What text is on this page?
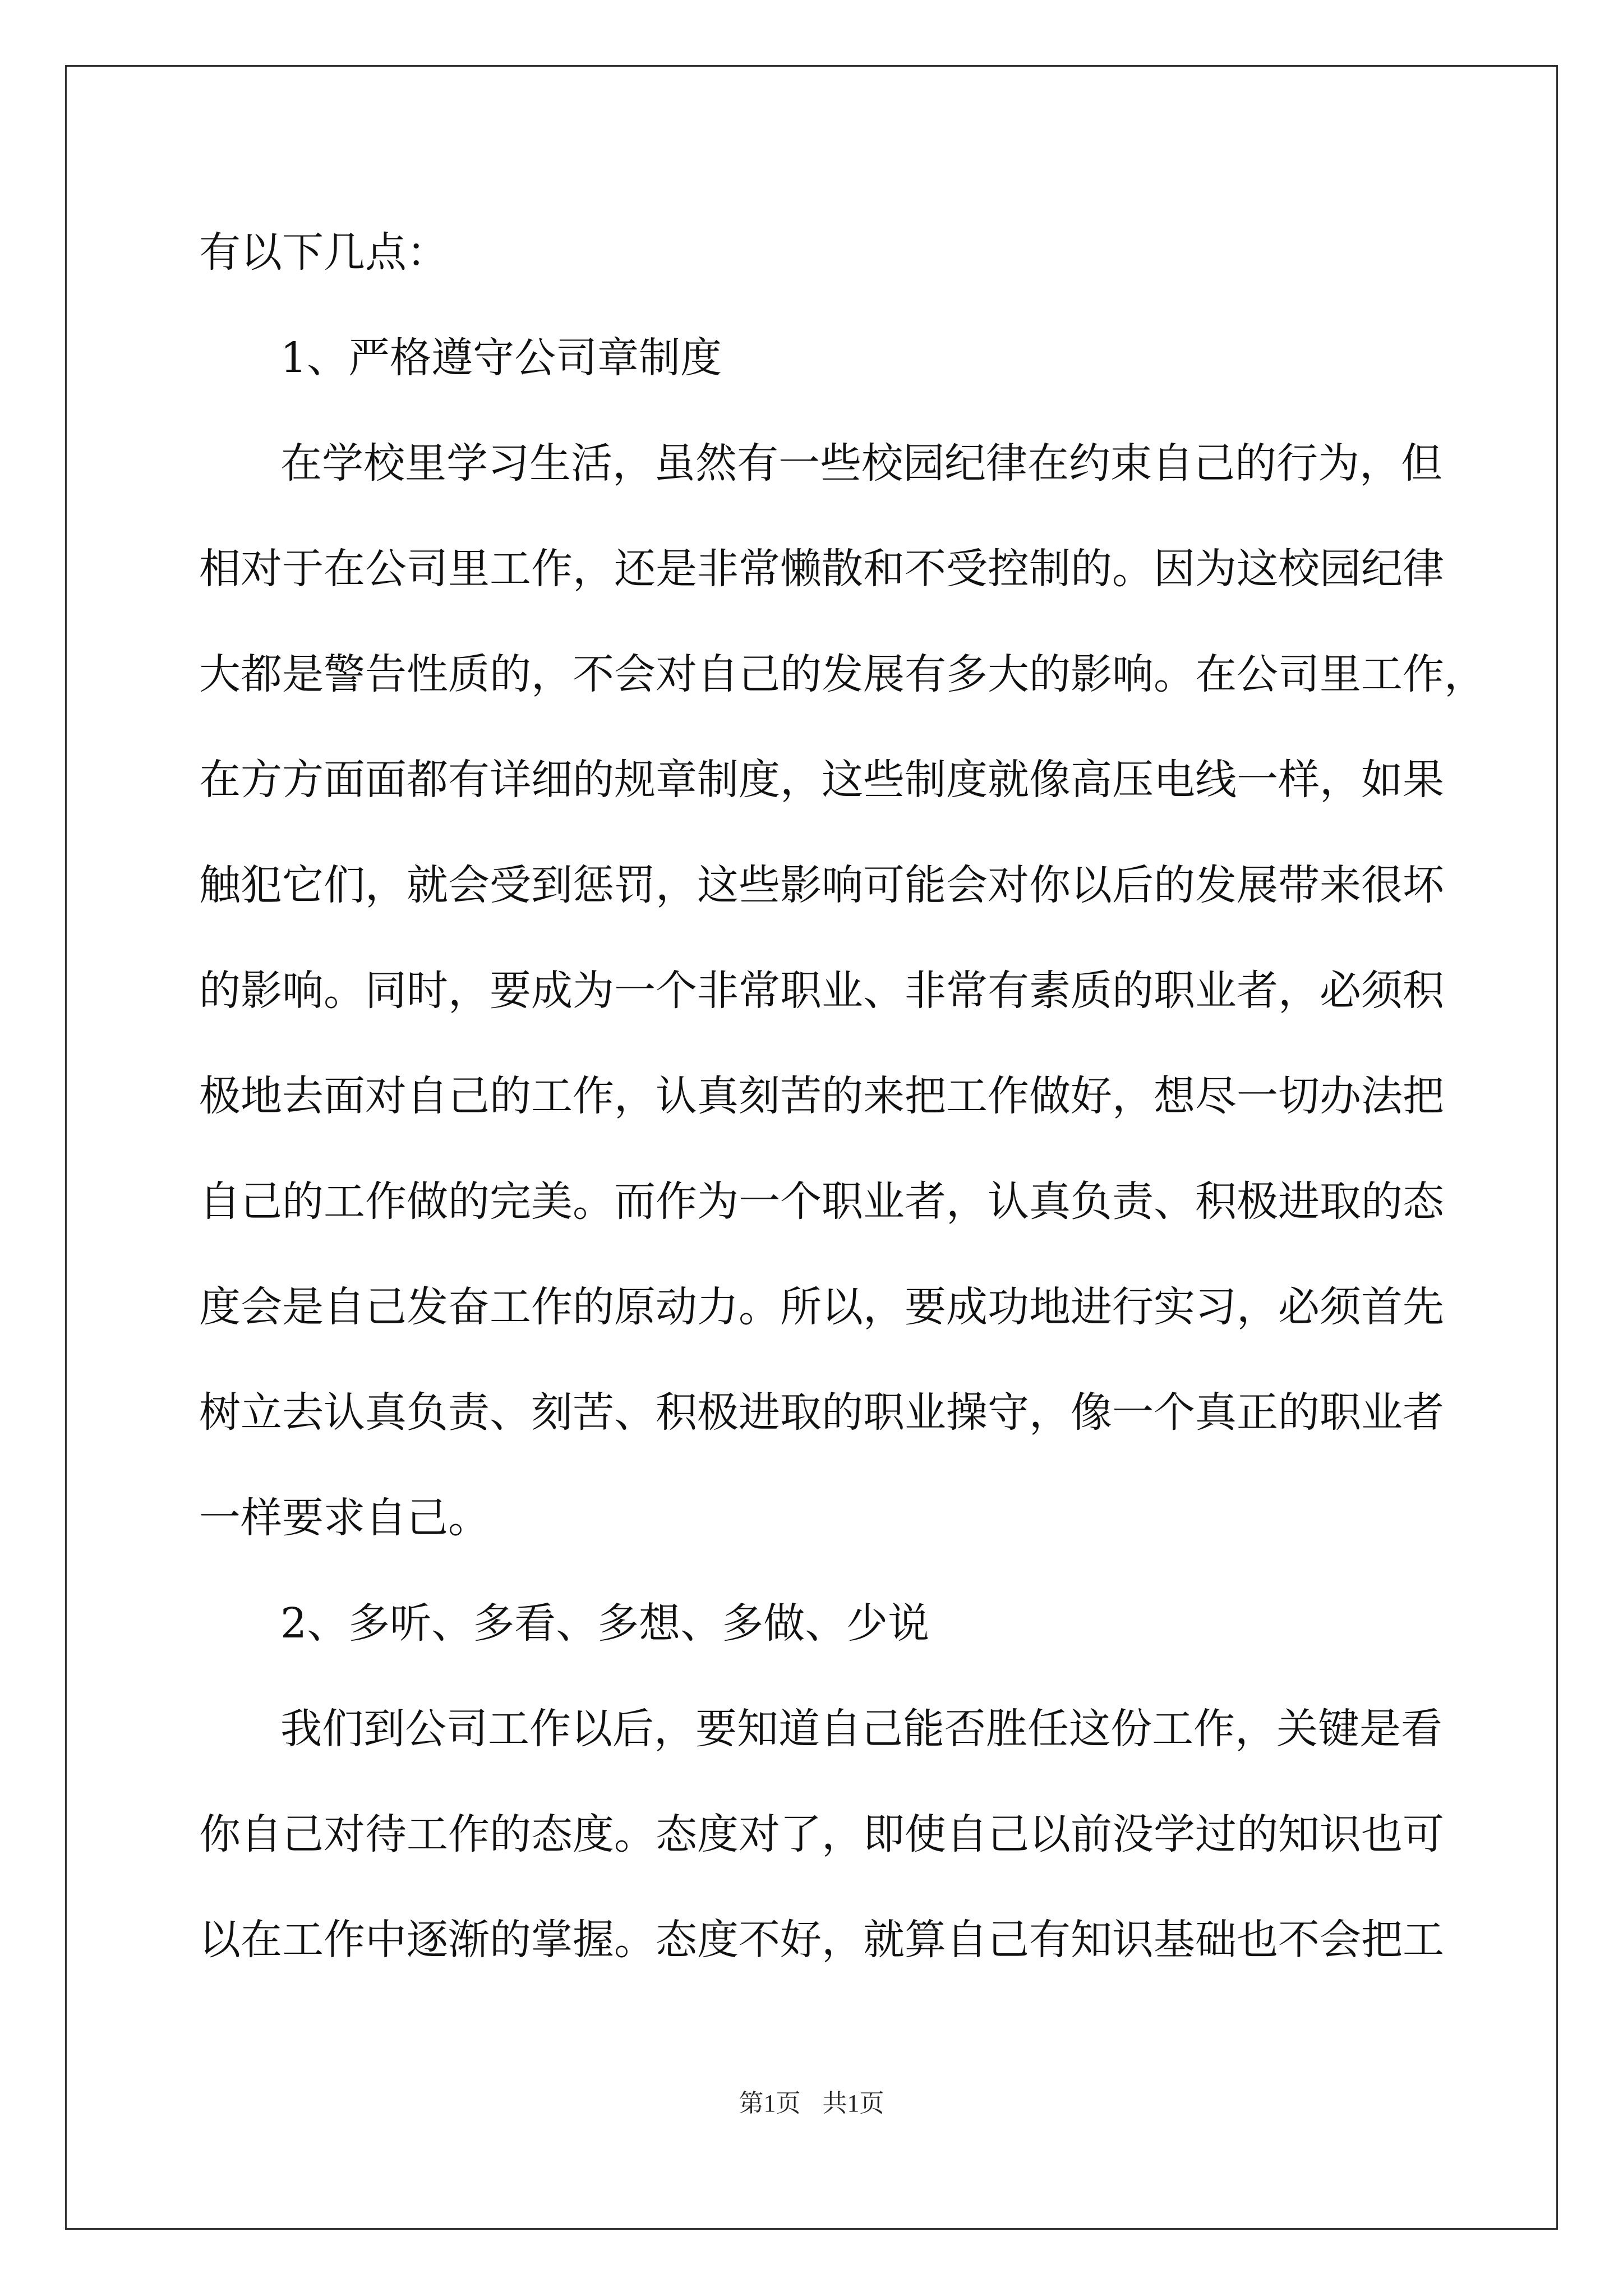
有以下几点：
1、严格遵守公司章制度
在学校里学习生活，虽然有一些校园纪律在约束自己的行为，但
相对于在公司里工作，还是非常懒散和不受控制的。因为这校园纪律
大都是警告性质的，不会对自己的发展有多大的影响。在公司里工作，
在方方面面都有详细的规章制度，这些制度就像高压电线一样，如果
触犯它们，就会受到惩罚，这些影响可能会对你以后的发展带来很坏
的影响。同时，要成为一个非常职业、非常有素质的职业者，必须积
极地去面对自己的工作，认真刻苦的来把工作做好，想尽一切办法把
自己的工作做的完美。而作为一个职业者，认真负责、积极进取的态
度会是自己发奋工作的原动力。所以，要成功地进行实习，必须首先
树立去认真负责、刻苦、积极进取的职业操守，像一个真正的职业者
一样要求自己。
2、多听、多看、多想、多做、少说
我们到公司工作以后，要知道自己能否胜任这份工作，关键是看
你自己对待工作的态度。态度对了，即使自己以前没学过的知识也可
以在工作中逐渐的掌握。态度不好，就算自己有知识基础也不会把工
第1页 共1页
